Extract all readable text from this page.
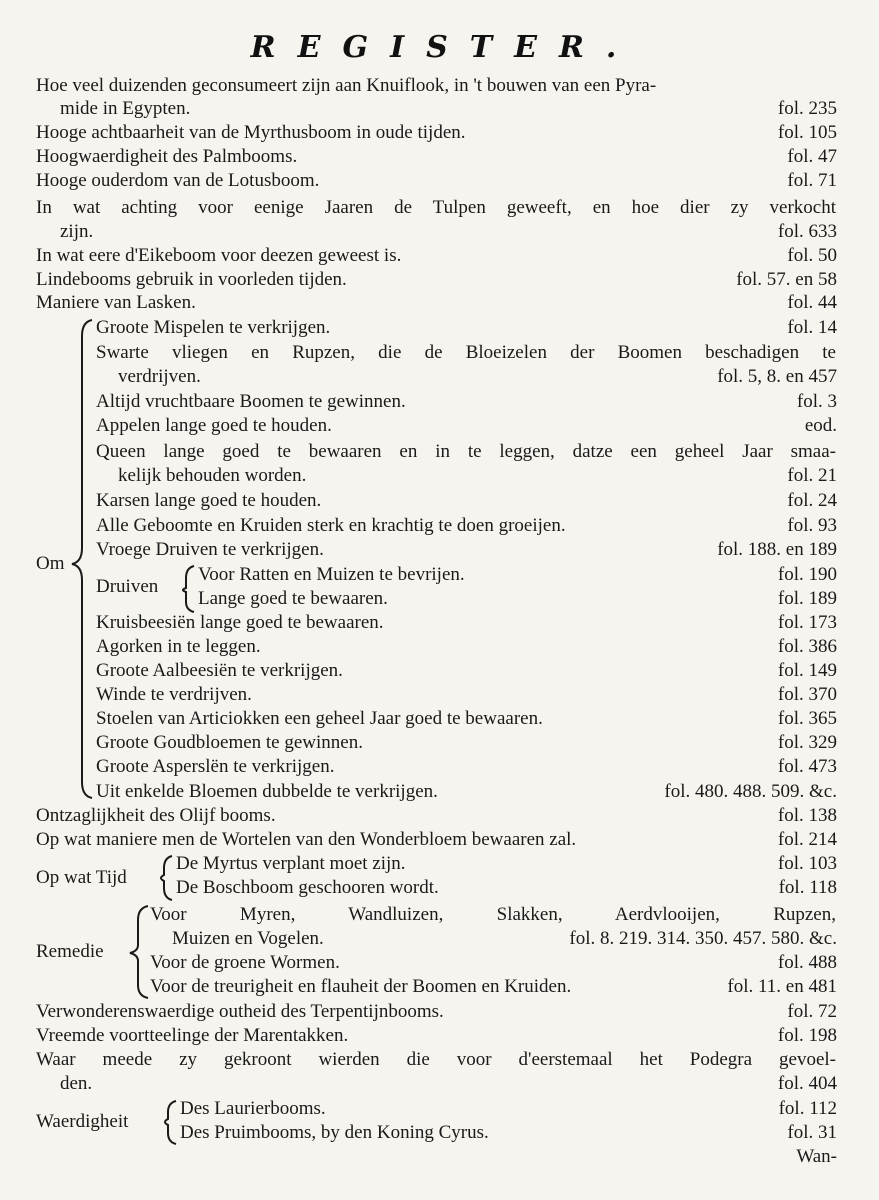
REGISTER.
Hoe veel duizenden geconsumeert zijn aan Knuiflook, in 't bouwen van een Pyra-
mide in Egypten.	fol. 235
Hooge achtbaarheit van de Myrthusboom in oude tijden.	fol. 105
Hoogwaerdigheit des Palmbooms.	fol. 47
Hooge ouderdom van de Lotusboom.	fol. 71
In wat achting voor eenige Jaaren de Tulpen geweeft, en hoe dier zy verkocht
zijn.	fol. 633
In wat eere d'Eikeboom voor deezen geweest is.	fol. 50
Lindebooms gebruik in voorleden tijden.	fol. 57. en 58
Maniere van Lasken.	fol. 44
Om
Groote Mispelen te verkrijgen.	fol. 14
Swarte vliegen en Rupzen, die de Bloeizelen der Boomen beschadigen te
verdrijven.	fol. 5, 8. en 457
Altijd vruchtbaare Boomen te gewinnen.	fol. 3
Appelen lange goed te houden.	eod.
Queen lange goed te bewaaren en in te leggen, datze een geheel Jaar smaa-
kelijk behouden worden.	fol. 21
Karsen lange goed te houden.	fol. 24
Alle Geboomte en Kruiden sterk en krachtig te doen groeijen.	fol. 93
Vroege Druiven te verkrijgen.	fol. 188. en 189
Druiven
Voor Ratten en Muizen te bevrijen.	fol. 190
Lange goed te bewaaren.	fol. 189
Kruisbeesiën lange goed te bewaaren.	fol. 173
Agorken in te leggen.	fol. 386
Groote Aalbeesiën te verkrijgen.	fol. 149
Winde te verdrijven.	fol. 370
Stoelen van Articiokken een geheel Jaar goed te bewaaren.	fol. 365
Groote Goudbloemen te gewinnen.	fol. 329
Groote Asperslën te verkrijgen.	fol. 473
Uit enkelde Bloemen dubbelde te verkrijgen.	fol. 480. 488. 509. &c.
Ontzaglijkheit des Olijf booms.	fol. 138
Op wat maniere men de Wortelen van den Wonderbloem bewaaren zal.	fol. 214
Op wat Tijd
De Myrtus verplant moet zijn.	fol. 103
De Boschboom geschooren wordt.	fol. 118
Remedie
Voor Myren, Wandluizen, Slakken, Aerdvlooijen, Rupzen,
Muizen en Vogelen.	fol. 8. 219. 314. 350. 457. 580. &c.
Voor de groene Wormen.	fol. 488
Voor de treurigheit en flauheit der Boomen en Kruiden.	fol. 11. en 481
Verwonderenswaerdige outheid des Terpentijnbooms.	fol. 72
Vreemde voortteelinge der Marentakken.	fol. 198
Waar meede zy gekroont wierden die voor d'eerstemaal het Podegra gevoel-
den.	fol. 404
Waerdigheit
Des Laurierbooms.	fol. 112
Des Pruimbooms, by den Koning Cyrus.	fol. 31
Wan-
